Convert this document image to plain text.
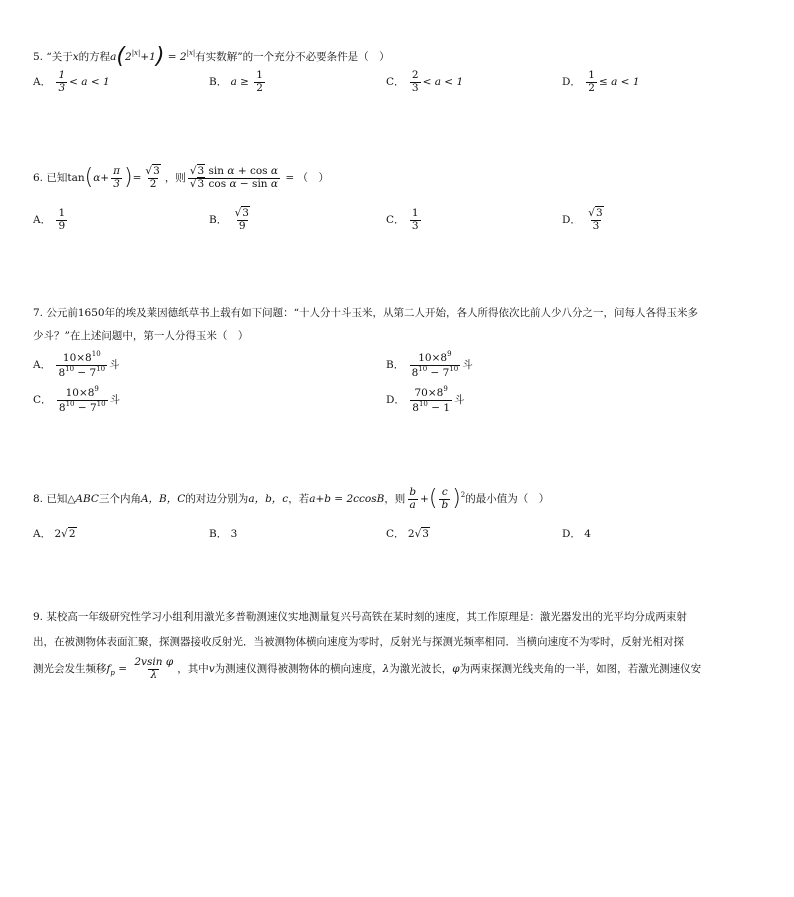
5. “关于x的方程$a(2^{|x|}+1) = 2^{|x|}$有实数解”的一个充分不必要条件是（　）
A． $\frac{1}{3} < a < 1$	B． $a \ge \frac{1}{2}$	C． $\frac{2}{3} < a < 1$	D． $\frac{1}{2} \le a < 1$
6. 已知$\tan(\alpha+ \frac{\pi}{3}$ )= $\frac{√3}{2}$ ，则 $\frac{\text{√3 sin α + cos α}}{\text{√3 cos α − sin α}}$ = （　）
A． $\frac{1}{9}$	B． $\frac{√3}{9}$	C． $\frac{1}{3}$	D． $\frac{√3}{3}$
7. 公元前1650年的埃及莱因德纸草书上载有如下问题：“十人分十斗玉米，从第二人开始，各人所得依次比前人少八分之一，问每人各得玉米多
少斗？”在上述问题中，第一人分得玉米（　）
A． $\frac{10\times 8^{10}}{8^{10} - 7^{10}}$ 斗	B． $\frac{10\times 8^9}{8^{10} - 7^{10}}$ 斗
C． $\frac{10\times 8^9}{8^{10} - 7^{10}}$ 斗	D． $\frac{70\times 8^9}{8^{10} - 1}$ 斗
8. 已知△ABC三个内角A，B，C的对边分别为a，b，c，若a+b = 2ccosB，则 $\frac{b}{a}$ +( $\frac{c}{b} )^2$的最小值为（　）
A． 2√2	B． 3	C． 2√3	D． 4
9. 某校高一年级研究性学习小组利用激光多普勒测速仪实地测量复兴号高铁在某时刻的速度，其工作原理是：激光器发出的光平均分成两束射
出，在被测物体表面汇聚，探测器接收反射光．当被测物体横向速度为零时，反射光与探测光频率相同．当横向速度不为零时，反射光相对探
测光会发生频移$f_p = \frac{\text{2vsin φ}}{\lambda}$ ，其中v为测速仪测得被测物体的横向速度，λ为激光波长，φ为两束探测光线夹角的一半，如图，若激光测速仪安
